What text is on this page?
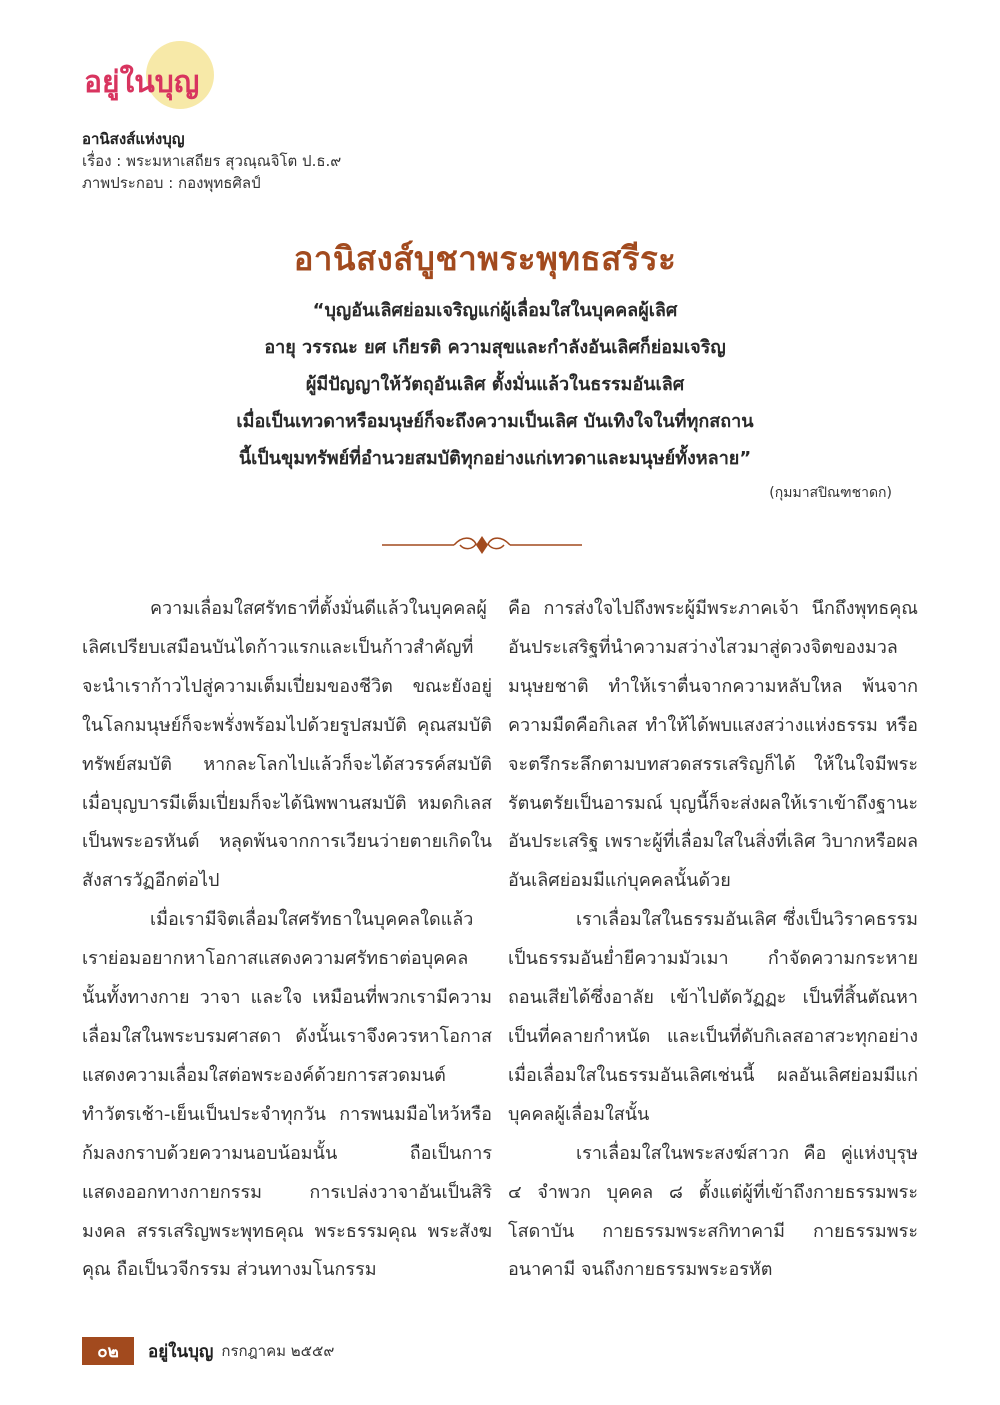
อยู่ในบุญ
อานิสงส์แห่งบุญ
เรื่อง : พระมหาเสถียร สุวณฺณจิโต ป.ธ.๙
ภาพประกอบ : กองพุทธศิลป์
อานิสงส์บูชาพระพุทธสรีระ
“บุญอันเลิศย่อมเจริญแก่ผู้เลื่อมใสในบุคคลผู้เลิศ
อายุ วรรณะ ยศ เกียรติ ความสุขและกำลังอันเลิศก็ย่อมเจริญ
ผู้มีปัญญาให้วัตถุอันเลิศ ตั้งมั่นแล้วในธรรมอันเลิศ
เมื่อเป็นเทวดาหรือมนุษย์ก็จะถึงความเป็นเลิศ บันเทิงใจในที่ทุกสถาน
นี้เป็นขุมทรัพย์ที่อำนวยสมบัติทุกอย่างแก่เทวดาและมนุษย์ทั้งหลาย”
(กุมมาสปิณฑชาดก)

ความเลื่อมใสศรัทธาที่ตั้งมั่นดีแล้วในบุคคลผู้เลิศเปรียบเสมือนบันไดก้าวแรกและเป็นก้าวสำคัญที่จะนำเราก้าวไปสู่ความเต็มเปี่ยมของชีวิต ขณะยังอยู่ในโลกมนุษย์ก็จะพรั่งพร้อมไปด้วยรูปสมบัติ คุณสมบัติ ทรัพย์สมบัติ หากละโลกไปแล้วก็จะได้สวรรค์สมบัติ เมื่อบุญบารมีเต็มเปี่ยมก็จะได้นิพพานสมบัติ หมดกิเลสเป็นพระอรหันต์ หลุดพ้นจากการเวียนว่ายตายเกิดในสังสารวัฏอีกต่อไป

เมื่อเรามีจิตเลื่อมใสศรัทธาในบุคคลใดแล้ว เราย่อมอยากหาโอกาสแสดงความศรัทธาต่อบุคคลนั้นทั้งทางกาย วาจา และใจ เหมือนที่พวกเรามีความเลื่อมใสในพระบรมศาสดา ดังนั้นเราจึงควรหาโอกาสแสดงความเลื่อมใสต่อพระองค์ด้วยการสวดมนต์ทำวัตรเช้า-เย็นเป็นประจำทุกวัน การพนมมือไหว้หรือก้มลงกราบด้วยความนอบน้อมนั้น ถือเป็นการแสดงออกทางกายกรรม การเปล่งวาจาอันเป็นสิริมงคล สรรเสริญพระพุทธคุณ พระธรรมคุณ พระสังฆคุณ ถือเป็นวจีกรรม ส่วนทางมโนกรรม

คือ การส่งใจไปถึงพระผู้มีพระภาคเจ้า นึกถึงพุทธคุณอันประเสริฐที่นำความสว่างไสวมาสู่ดวงจิตของมวลมนุษยชาติ ทำให้เราตื่นจากความหลับใหล พ้นจากความมืดคือกิเลส ทำให้ได้พบแสงสว่างแห่งธรรม หรือจะตรึกระลึกตามบทสวดสรรเสริญก็ได้ ให้ในใจมีพระรัตนตรัยเป็นอารมณ์ บุญนี้ก็จะส่งผลให้เราเข้าถึงฐานะอันประเสริฐ เพราะผู้ที่เลื่อมใสในสิ่งที่เลิศ วิบากหรือผลอันเลิศย่อมมีแก่บุคคลนั้นด้วย

เราเลื่อมใสในธรรมอันเลิศ ซึ่งเป็นวิราคธรรม เป็นธรรมอันย่ำยีความมัวเมา กำจัดความกระหาย ถอนเสียได้ซึ่งอาลัย เข้าไปตัดวัฏฏะ เป็นที่สิ้นตัณหา เป็นที่คลายกำหนัด และเป็นที่ดับกิเลสอาสวะทุกอย่าง เมื่อเลื่อมใสในธรรมอันเลิศเช่นนี้ ผลอันเลิศย่อมมีแก่บุคคลผู้เลื่อมใสนั้น

เราเลื่อมใสในพระสงฆ์สาวก คือ คู่แห่งบุรุษ ๔ จำพวก บุคคล ๘ ตั้งแต่ผู้ที่เข้าถึงกายธรรมพระโสดาบัน กายธรรมพระสกิทาคามี กายธรรมพระอนาคามี จนถึงกายธรรมพระอรหัต

๐๒	อยู่ในบุญ กรกฎาคม ๒๕๕๙
